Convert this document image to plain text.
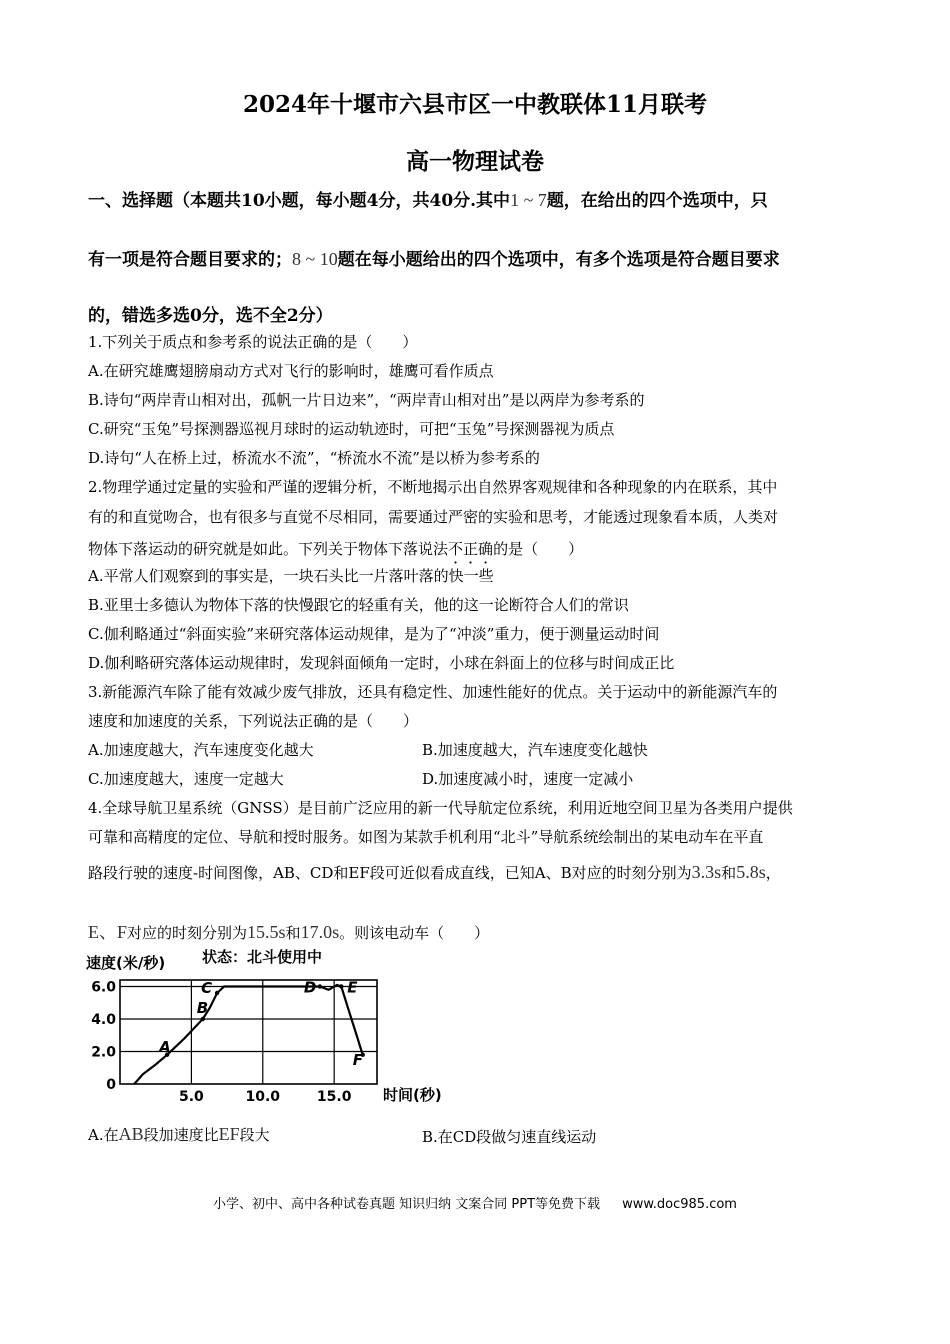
2024年十堰市六县市区一中教联体11月联考
高一物理试卷
一、选择题（本题共10小题，每小题4分，共40分.其中1 ~ 7题，在给出的四个选项中，只
有一项是符合题目要求的；8 ~ 10题在每小题给出的四个选项中，有多个选项是符合题目要求
的，错选多选0分，选不全2分）
1.下列关于质点和参考系的说法正确的是（　　）
A.在研究雄鹰翅膀扇动方式对飞行的影响时，雄鹰可看作质点
B.诗句“两岸青山相对出，孤帆一片日边来”，“两岸青山相对出”是以两岸为参考系的
C.研究“玉兔”号探测器巡视月球时的运动轨迹时，可把“玉兔”号探测器视为质点
D.诗句“人在桥上过，桥流水不流”，“桥流水不流”是以桥为参考系的
2.物理学通过定量的实验和严谨的逻辑分析，不断地揭示出自然界客观规律和各种现象的内在联系，其中
有的和直觉吻合，也有很多与直觉不尽相同，需要通过严密的实验和思考，才能透过现象看本质，人类对
物体下落运动的研究就是如此。下列关于物体下落说法不正确的是（　　）
A.平常人们观察到的事实是，一块石头比一片落叶落的快一些
B.亚里士多德认为物体下落的快慢跟它的轻重有关，他的这一论断符合人们的常识
C.伽利略通过“斜面实验”来研究落体运动规律，是为了“冲淡”重力，便于测量运动时间
D.伽利略研究落体运动规律时，发现斜面倾角一定时，小球在斜面上的位移与时间成正比
3.新能源汽车除了能有效减少废气排放，还具有稳定性、加速性能好的优点。关于运动中的新能源汽车的
速度和加速度的关系，下列说法正确的是（　　）
A.加速度越大，汽车速度变化越大	B.加速度越大，汽车速度变化越快
C.加速度越大，速度一定越大	D.加速度减小时，速度一定减小
4.全球导航卫星系统（GNSS）是目前广泛应用的新一代导航定位系统，利用近地空间卫星为各类用户提供
可靠和高精度的定位、导航和授时服务。如图为某款手机利用“北斗”导航系统绘制出的某电动车在平直
路段行驶的速度-时间图像，AB、CD和EF段可近似看成直线，已知A、B对应的时刻分别为3.3s和5.8s，
E、F对应的时刻分别为15.5s和17.0s。则该电动车（　　）
速度(米/秒) 状态：北斗使用中
0
2.0
4.0
6.0
5.0	10.0	15.0
A
B
C	D E
F
时间(秒)
A.在AB段加速度比EF段大	B.在CD段做匀速直线运动
小学、初中、高中各种试卷真题 知识归纳 文案合同 PPT等免费下载 www.doc985.com
